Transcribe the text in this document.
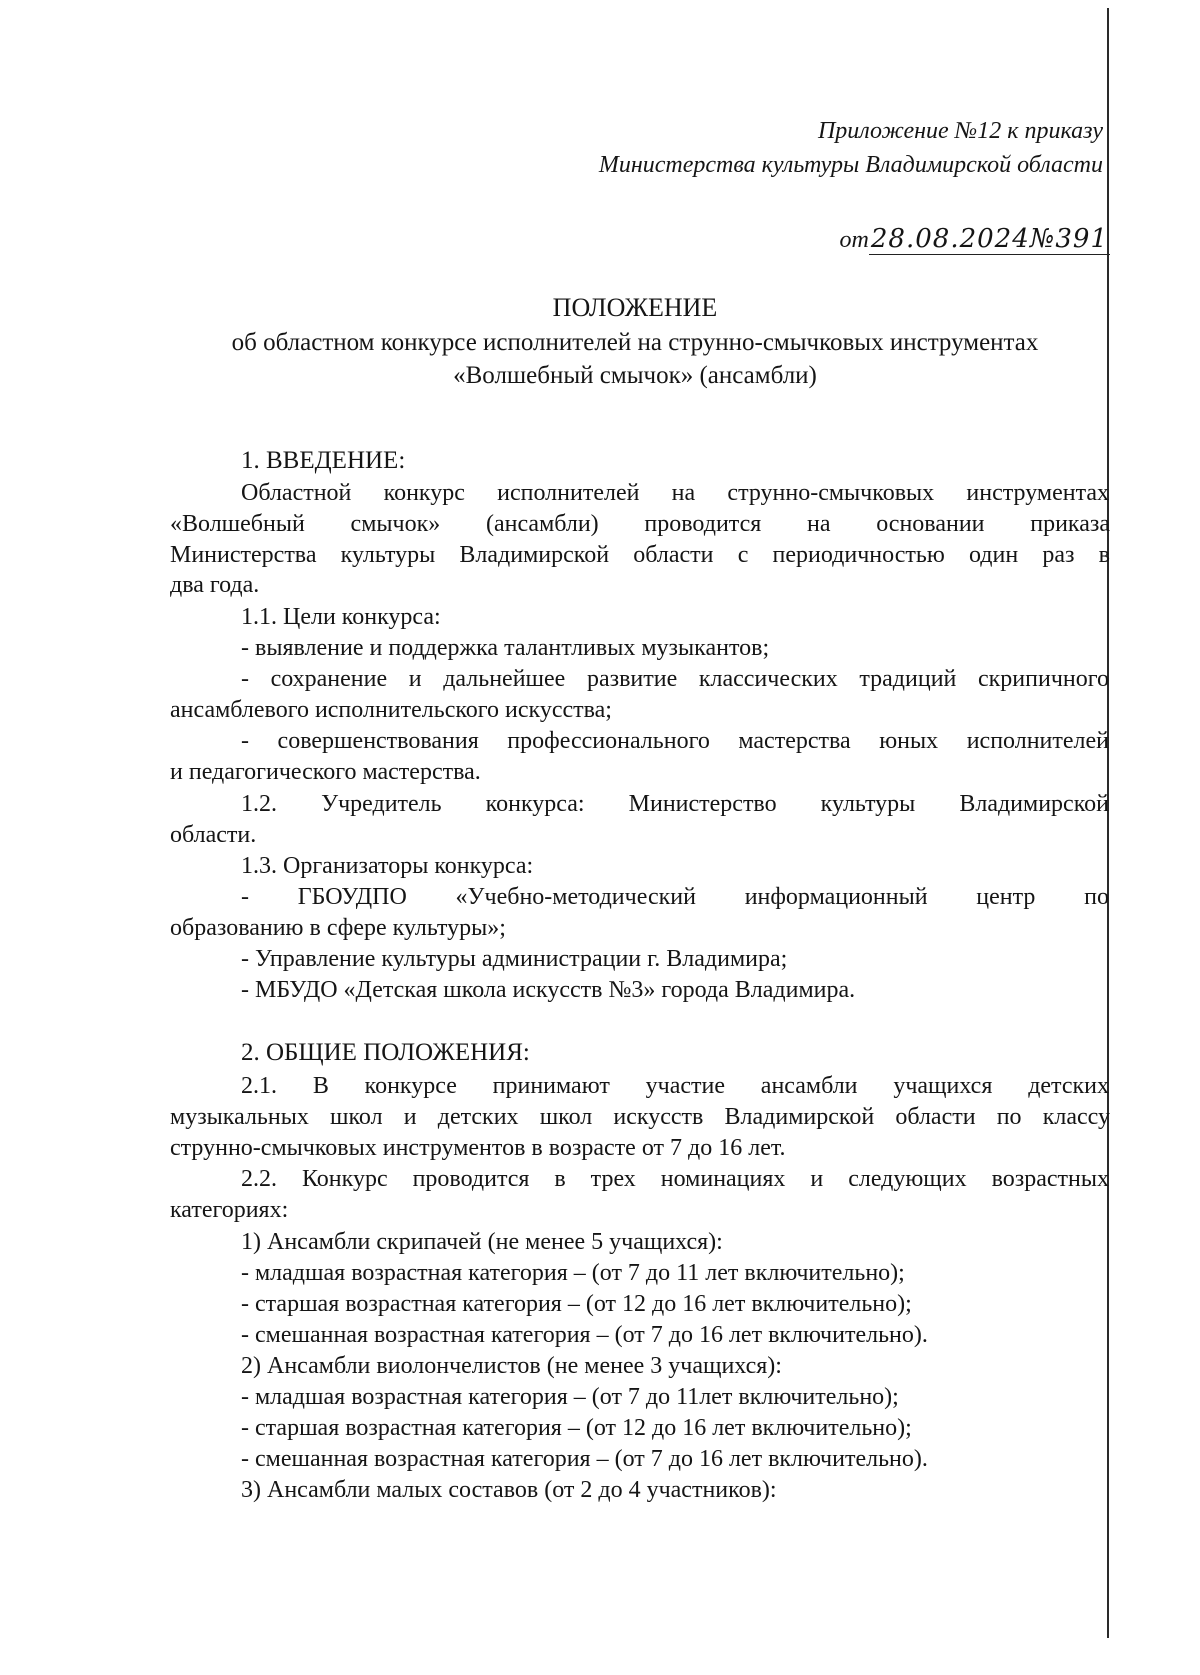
Приложение №12 к приказу
Министерства культуры Владимирской области
от28.08.2024№391
ПОЛОЖЕНИЕ
об областном конкурсе исполнителей на струнно-смычковых инструментах
«Волшебный смычок» (ансамбли)
1. ВВЕДЕНИЕ:
Областной конкурс исполнителей на струнно-смычковых инструментах
«Волшебный смычок» (ансамбли) проводится на основании приказа
Министерства культуры Владимирской области с периодичностью один раз в
два года.
1.1. Цели конкурса:
- выявление и поддержка талантливых музыкантов;
- сохранение и дальнейшее развитие классических традиций скрипичного
ансамблевого исполнительского искусства;
- совершенствования профессионального мастерства юных исполнителей
и педагогического мастерства.
1.2. Учредитель конкурса: Министерство культуры Владимирской
области.
1.3. Организаторы конкурса:
- ГБОУДПО «Учебно-методический информационный центр по
образованию в сфере культуры»;
- Управление культуры администрации г. Владимира;
- МБУДО «Детская школа искусств №3» города Владимира.
2. ОБЩИЕ ПОЛОЖЕНИЯ:
2.1. В конкурсе принимают участие ансамбли учащихся детских
музыкальных школ и детских школ искусств Владимирской области по классу
струнно-смычковых инструментов в возрасте от 7 до 16 лет.
2.2. Конкурс проводится в трех номинациях и следующих возрастных
категориях:
1) Ансамбли скрипачей (не менее 5 учащихся):
- младшая возрастная категория – (от 7 до 11 лет включительно);
- старшая возрастная категория – (от 12 до 16 лет включительно);
- смешанная возрастная категория – (от 7 до 16 лет включительно).
2) Ансамбли виолончелистов (не менее 3 учащихся):
- младшая возрастная категория – (от 7 до 11лет включительно);
- старшая возрастная категория – (от 12 до 16 лет включительно);
- смешанная возрастная категория – (от 7 до 16 лет включительно).
3) Ансамбли малых составов (от 2 до 4 участников):
